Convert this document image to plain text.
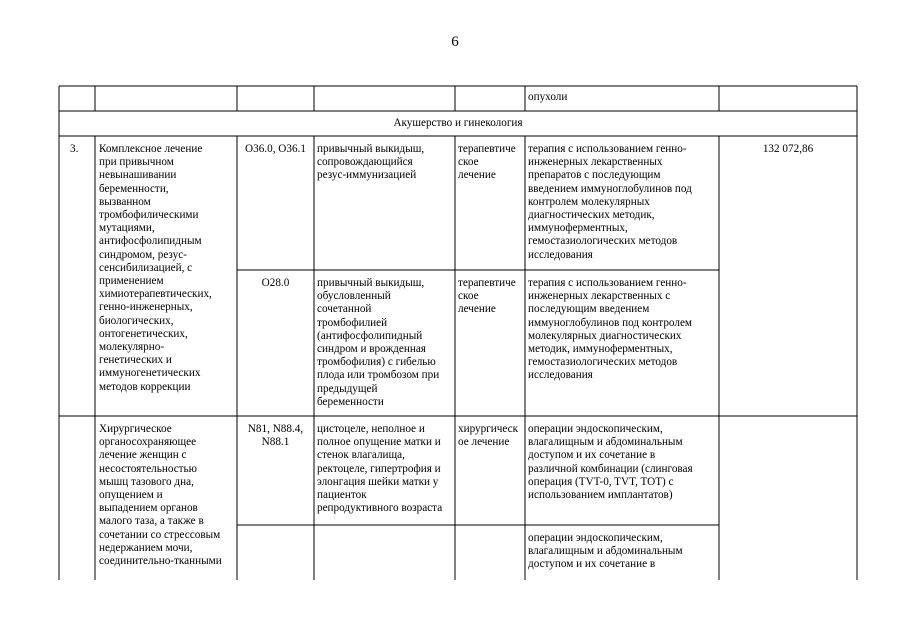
6
опухоли
Акушерство и гинекология
3. Комплексное лечение
при привычном
невынашивании
беременности,
вызванном
тромбофилическими
мутациями,
антифосфолипидным
синдромом, резус-
сенсибилизацией, с
применением
химиотерапевтических,
генно-инженерных,
биологических,
онтогенетических,
молекулярно-
генетических и
иммуногенетических
методов коррекции
132 072,86
O36.0, O36.1 привычный выкидыш,
сопровождающийся
резус-иммунизацией
терапевтиче
ское
лечение
терапия с использованием генно-
инженерных лекарственных
препаратов с последующим
введением иммуноглобулинов под
контролем молекулярных
диагностических методик,
иммуноферментных,
гемостазиологических методов
исследования
O28.0	привычный выкидыш,
обусловленный
сочетанной
тромбофилией
(антифосфолипидный
синдром и врожденная
тромбофилия) с гибелью
плода или тромбозом при
предыдущей
беременности
терапевтиче
ское
лечение
терапия с использованием генно-
инженерных лекарственных с
последующим введением
иммуноглобулинов под контролем
молекулярных диагностических
методик, иммуноферментных,
гемостазиологических методов
исследования
Хирургическое
органосохраняющее
лечение женщин с
несостоятельностью
мышц тазового дна,
опущением и
выпадением органов
малого таза, а также в
сочетании со стрессовым
недержанием мочи,
соединительно-тканными
N81, N88.4,
N88.1
цистоцеле, неполное и
полное опущение матки и
стенок влагалища,
ректоцеле, гипертрофия и
элонгация шейки матки у
пациенток
репродуктивного возраста
хирургическ
ое лечение
операции эндоскопическим,
влагалищным и абдоминальным
доступом и их сочетание в
различной комбинации (слинговая
операция (TVT-0, TVT, TOT) с
использованием имплантатов)
операции эндоскопическим,
влагалищным и абдоминальным
доступом и их сочетание в
